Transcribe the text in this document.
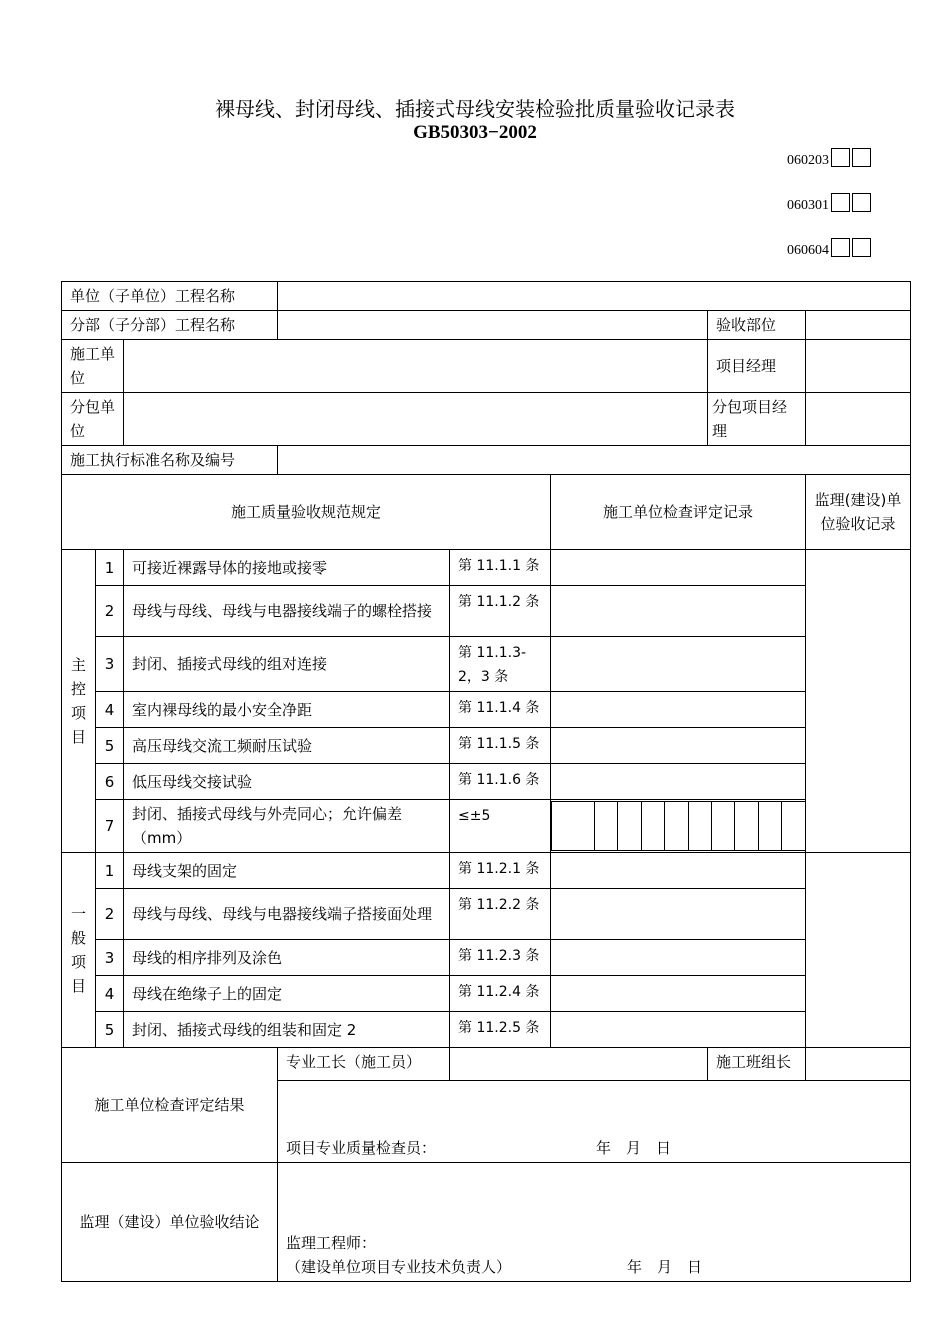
裸母线、封闭母线、插接式母线安装检验批质量验收记录表
GB50303−2002
060203
060301
060604
单位（子单位）工程名称	
分部（子分部）工程名称		验收部位	
施工单位		项目经理	
分包单位		分包项目经理	
施工执行标准名称及编号	
施工质量验收规范规定	施工单位检查评定记录	监理(建设)单位验收记录
主控项目	1	可接近裸露导体的接地或接零	第 11.1.1 条		
2	母线与母线、母线与电器接线端子的螺栓搭接	第 11.1.2 条	
3	封闭、插接式母线的组对连接	第 11.1.3-2，3 条	
4	室内裸母线的最小安全净距	第 11.1.4 条	
5	高压母线交流工频耐压试验	第 11.1.5 条	
6	低压母线交接试验	第 11.1.6 条	
7	封闭、插接式母线与外壳同心；允许偏差（mm）	≤±5	

一般项目	1	母线支架的固定	第 11.2.1 条		
2	母线与母线、母线与电器接线端子搭接面处理	第 11.2.2 条	
3	母线的相序排列及涂色	第 11.2.3 条	
4	母线在绝缘子上的固定	第 11.2.4 条	
5	封闭、插接式母线的组装和固定 2	第 11.2.5 条	
施工单位检查评定结果	专业工长（施工员）		施工班组长	
项目专业质量检查员：	年　月　日
监理（建设）单位验收结论	
监理工程师：
（建设单位项目专业技术负责人）	年　月　日
